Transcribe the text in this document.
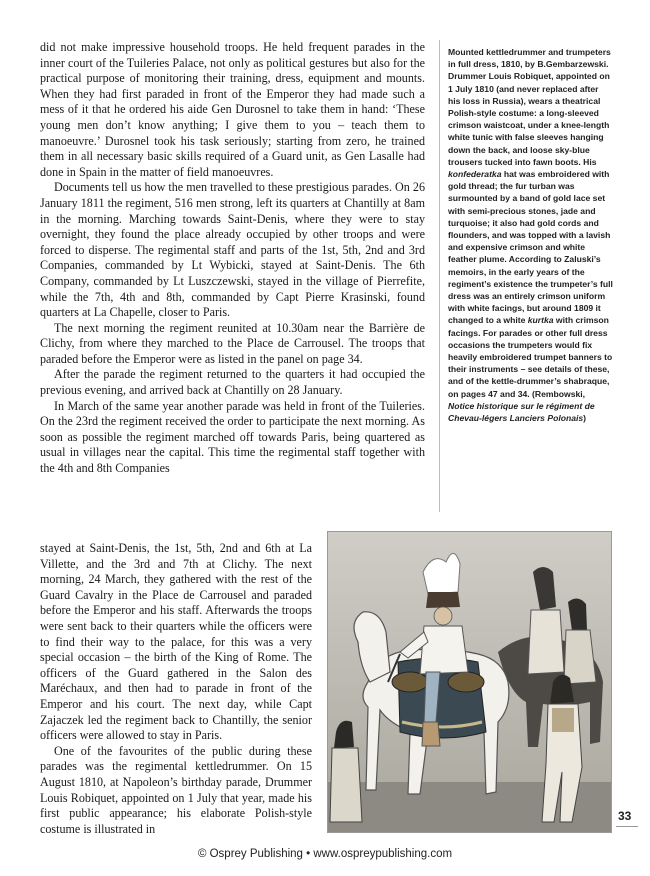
did not make impressive household troops. He held frequent parades in the inner court of the Tuileries Palace, not only as political gestures but also for the practical purpose of monitoring their training, dress, equipment and mounts. When they had first paraded in front of the Emperor they had made such a mess of it that he ordered his aide Gen Durosnel to take them in hand: ‘These young men don’t know anything; I give them to you – teach them to manoeuvre.’ Durosnel took his task seriously; starting from zero, he trained them in all necessary basic skills required of a Guard unit, as Gen Lasalle had done in Spain in the matter of field manoeuvres.

Documents tell us how the men travelled to these prestigious parades. On 26 January 1811 the regiment, 516 men strong, left its quarters at Chantilly at 8am in the morning. Marching towards Saint-Denis, where they were to stay overnight, they found the place already occupied by other troops and were forced to disperse. The regimental staff and parts of the 1st, 5th, 2nd and 3rd Companies, commanded by Lt Wybicki, stayed at Saint-Denis. The 6th Company, commanded by Lt Luszczewski, stayed in the village of Pierrefite, while the 7th, 4th and 8th, commanded by Capt Pierre Krasinski, found quarters at La Chapelle, closer to Paris.

The next morning the regiment reunited at 10.30am near the Barrière de Clichy, from where they marched to the Place de Carrousel. The troops that paraded before the Emperor were as listed in the panel on page 34.

After the parade the regiment returned to the quarters it had occupied the previous evening, and arrived back at Chantilly on 28 January.

In March of the same year another parade was held in front of the Tuileries. On the 23rd the regiment received the order to participate the next morning. As soon as possible the regiment marched off towards Paris, being quartered as usual in villages near the capital. This time the regimental staff together with the 4th and 8th Companies

stayed at Saint-Denis, the 1st, 5th, 2nd and 6th at La Villette, and the 3rd and 7th at Clichy. The next morning, 24 March, they gathered with the rest of the Guard Cavalry in the Place de Carrousel and paraded before the Emperor and his staff. Afterwards the troops were sent back to their quarters while the officers were to find their way to the palace, for this was a very special occasion – the birth of the King of Rome. The officers of the Guard gathered in the Salon des Maréchaux, and then had to parade in front of the Emperor and his court. The next day, while Capt Zajaczek led the regiment back to Chantilly, the senior officers were allowed to stay in Paris.

One of the favourites of the public during these parades was the regimental kettledrummer. On 15 August 1810, at Napoleon’s birthday parade, Drummer Louis Robiquet, appointed on 1 July that year, made his first public appearance; his elaborate Polish-style costume is illustrated in

Mounted kettledrummer and trumpeters in full dress, 1810, by B.Gembarzewski. Drummer Louis Robiquet, appointed on 1 July 1810 (and never replaced after his loss in Russia), wears a theatrical Polish-style costume: a long-sleeved crimson waistcoat, under a knee-length white tunic with false sleeves hanging down the back, and loose sky-blue trousers tucked into fawn boots. His konfederatka hat was embroidered with gold thread; the fur turban was surmounted by a band of gold lace set with semi-precious stones, jade and turquoise; it also had gold cords and flounders, and was topped with a lavish and expensive crimson and white feather plume. According to Zaluski’s memoirs, in the early years of the regiment’s existence the trumpeter’s full dress was an entirely crimson uniform with white facings, but around 1809 it changed to a white kurtka with crimson facings. For parades or other full dress occasions the trumpeters would fix heavily embroidered trumpet banners to their instruments – see details of these, and of the kettle-drummer’s shabraque, on pages 47 and 34. (Rembowski, Notice historique sur le régiment de Chevau-légers Lanciers Polonais)
33
© Osprey Publishing • www.ospreypublishing.com
